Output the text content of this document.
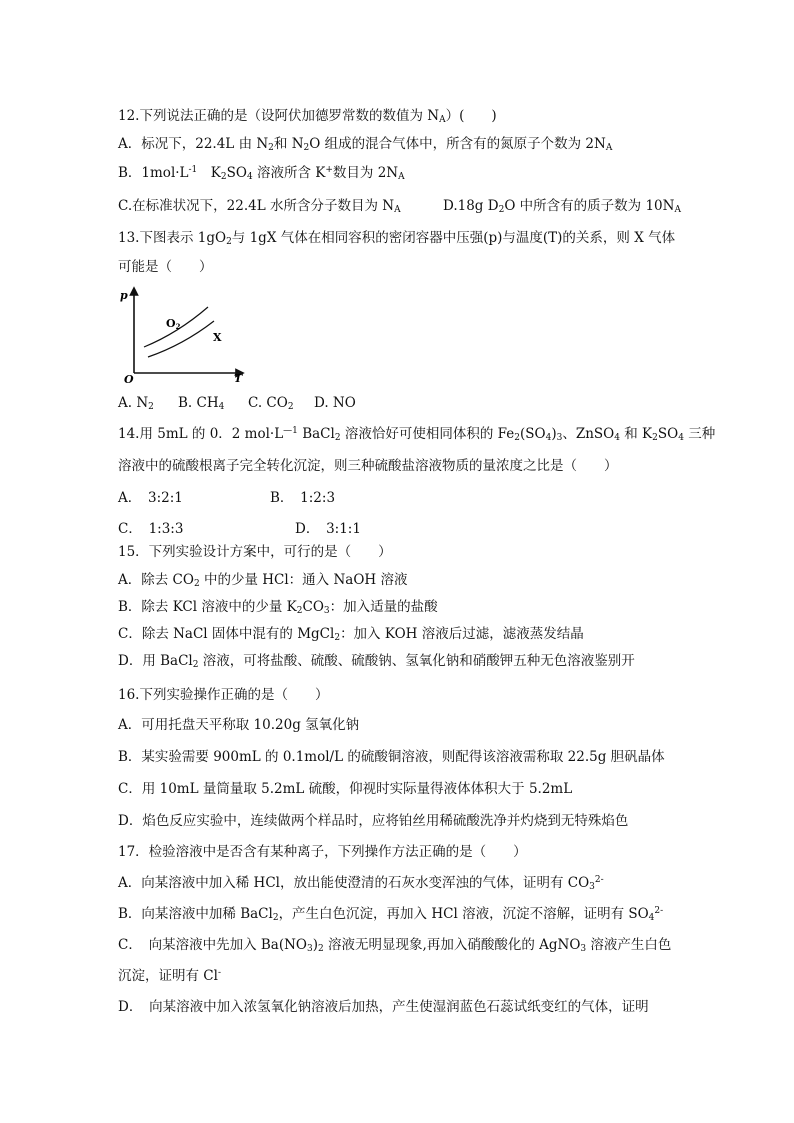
12.下列说法正确的是（设阿伏加德罗常数的数值为 $N_A$）(　　)
A．标况下，22.4L 由 $N_2$和 $N_2O$ 组成的混合气体中，所含有的氮原子个数为 $2N_A$
B．$1mol\cdot L^{-1}$　$K_2SO_4$ 溶液所含 K+数目为 $2N_A$
C.在标准状况下，22.4L 水所含分子数目为 $N_A$	D.18g $D_2O$ 中所含有的质子数为 $10N_A$
13.下图表示 $1gO_2$与 1gX 气体在相同容积的密闭容器中压强(p)与温度(T)的关系，则 X 气体
可能是（　　）
p
T
O
O2
X
A. $N_2$ B. $CH_4$ C. $CO_2$ D. NO
14.用 5mL 的 0．2 $mol\cdot L^{—1}$ BaCl$_2$ 溶液恰好可使相同体积的 $Fe_2(SO_4)_3$、ZnSO$_4$ 和 $K_2SO_4$ 三种
溶液中的硫酸根离子完全转化沉淀，则三种硫酸盐溶液物质的量浓度之比是（　　）
A．　3:2:1	B．　1:2:3
C．　1:3:3	D．　3:1:1
15．下列实验设计方案中，可行的是（　　）
A．除去 $CO_2$ 中的少量 HCl：通入 NaOH 溶液
B．除去 KCl 溶液中的少量 $K_2CO_3$：加入适量的盐酸
C．除去 NaCl 固体中混有的 MgCl$_2$：加入 KOH 溶液后过滤，滤液蒸发结晶
D．用 BaCl$_2$ 溶液，可将盐酸、硫酸、硫酸钠、氢氧化钠和硝酸钾五种无色溶液鉴别开
16.下列实验操作正确的是（　　）
A．可用托盘天平称取 10.20g 氢氧化钠
B．某实验需要 900mL 的 0.1mol/L 的硫酸铜溶液，则配得该溶液需称取 22.5g 胆矾晶体
C．用 10mL 量筒量取 5.2mL 硫酸，仰视时实际量得液体体积大于 5.2mL
D．焰色反应实验中，连续做两个样品时，应将铂丝用稀硫酸洗净并灼烧到无特殊焰色
17．检验溶液中是否含有某种离子，下列操作方法正确的是（　　）
A．向某溶液中加入稀 HCl，放出能使澄清的石灰水变浑浊的气体，证明有 $CO_3^{2-}$
B．向某溶液中加稀 BaCl$_2$，产生白色沉淀，再加入 HCl 溶液，沉淀不溶解，证明有 $SO_4^{2-}$
C．　向某溶液中先加入 $Ba(NO_3)_2$ 溶液无明显现象,再加入硝酸酸化的 AgNO$_3$ 溶液产生白色
沉淀，证明有 Cl-
D．　向某溶液中加入浓氢氧化钠溶液后加热，产生使湿润蓝色石蕊试纸变红的气体，证明
